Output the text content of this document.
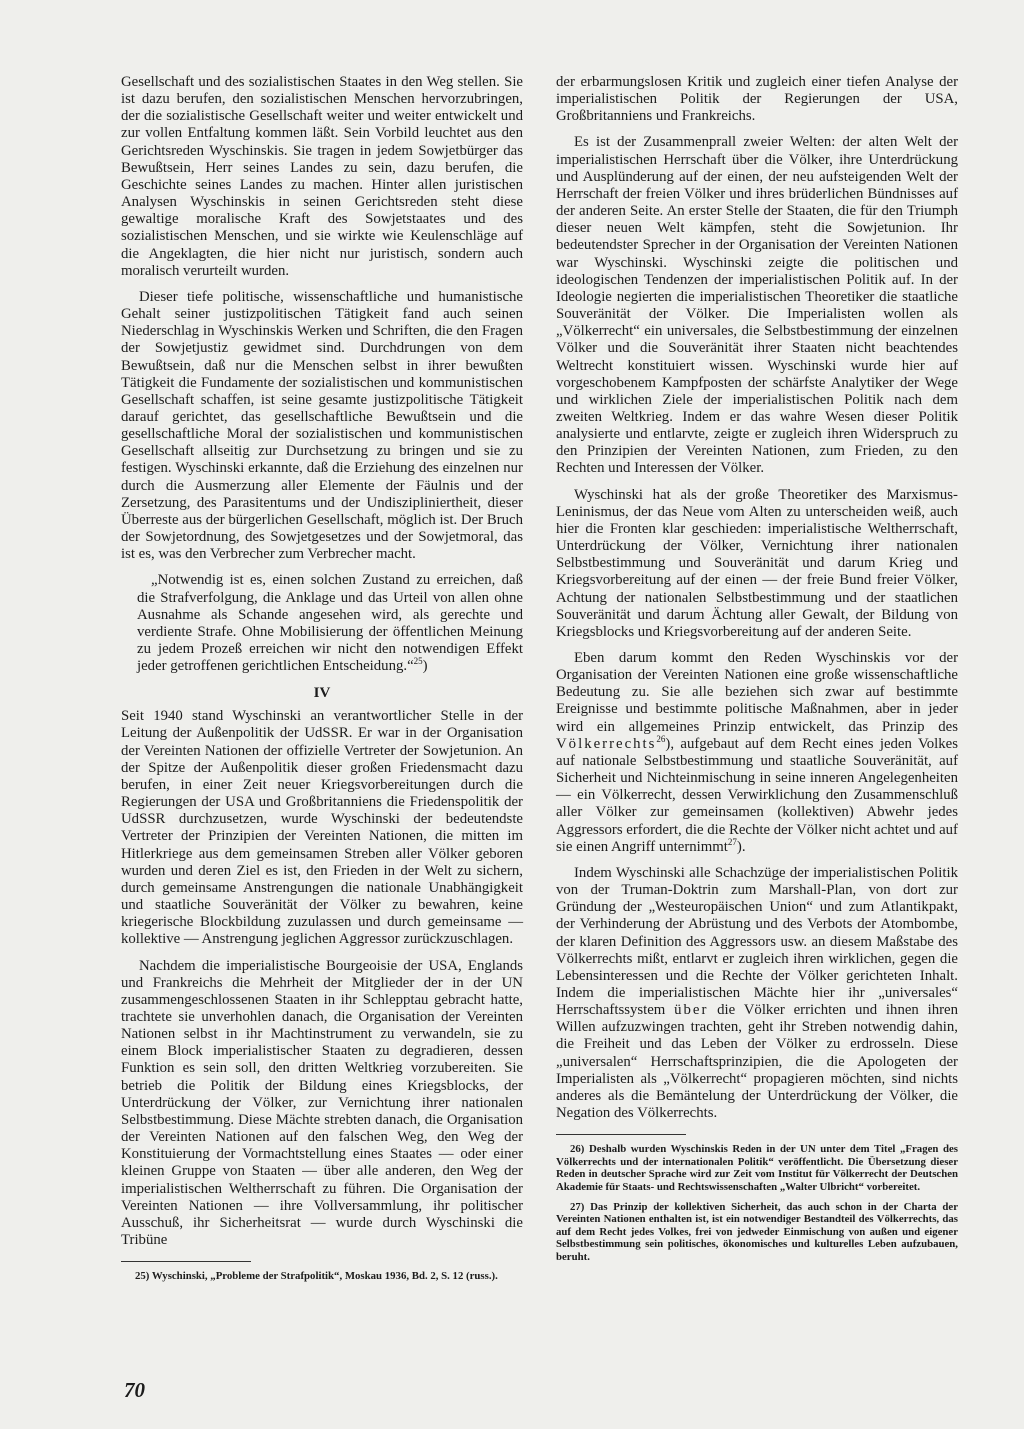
Gesellschaft und des sozialistischen Staates in den Weg stellen. Sie ist dazu berufen, den sozialistischen Menschen hervorzubringen, der die sozialistische Gesellschaft weiter und weiter entwickelt und zur vollen Entfaltung kommen läßt. Sein Vorbild leuchtet aus den Gerichtsreden Wyschinskis. Sie tragen in jedem Sowjetbürger das Bewußtsein, Herr seines Landes zu sein, dazu berufen, die Geschichte seines Landes zu machen. Hinter allen juristischen Analysen Wyschinskis in seinen Gerichtsreden steht diese gewaltige moralische Kraft des Sowjetstaates und des sozialistischen Menschen, und sie wirkte wie Keulenschläge auf die Angeklagten, die hier nicht nur juristisch, sondern auch moralisch verurteilt wurden.

Dieser tiefe politische, wissenschaftliche und humanistische Gehalt seiner justizpolitischen Tätigkeit fand auch seinen Niederschlag in Wyschinskis Werken und Schriften, die den Fragen der Sowjetjustiz gewidmet sind. Durchdrungen von dem Bewußtsein, daß nur die Menschen selbst in ihrer bewußten Tätigkeit die Fundamente der sozialistischen und kommunistischen Gesellschaft schaffen, ist seine gesamte justizpolitische Tätigkeit darauf gerichtet, das gesellschaftliche Bewußtsein und die gesellschaftliche Moral der sozialistischen und kommunistischen Gesellschaft allseitig zur Durchsetzung zu bringen und sie zu festigen. Wyschinski erkannte, daß die Erziehung des einzelnen nur durch die Ausmerzung aller Elemente der Fäulnis und der Zersetzung, des Parasitentums und der Undiszipliniertheit, dieser Überreste aus der bürgerlichen Gesellschaft, möglich ist. Der Bruch der Sowjetordnung, des Sowjetgesetzes und der Sowjetmoral, das ist es, was den Verbrecher zum Verbrecher macht.

„Notwendig ist es, einen solchen Zustand zu erreichen, daß die Strafverfolgung, die Anklage und das Urteil von allen ohne Ausnahme als Schande angesehen wird, als gerechte und verdiente Strafe. Ohne Mobilisierung der öffentlichen Meinung zu jedem Prozeß erreichen wir nicht den notwendigen Effekt jeder getroffenen gerichtlichen Entscheidung.“$^{25}$)

IV

Seit 1940 stand Wyschinski an verantwortlicher Stelle in der Leitung der Außenpolitik der UdSSR. Er war in der Organisation der Vereinten Nationen der offizielle Vertreter der Sowjetunion. An der Spitze der Außenpolitik dieser großen Friedensmacht dazu berufen, in einer Zeit neuer Kriegsvorbereitungen durch die Regierungen der USA und Großbritanniens die Friedenspolitik der UdSSR durchzusetzen, wurde Wyschinski der bedeutendste Vertreter der Prinzipien der Vereinten Nationen, die mitten im Hitlerkriege aus dem gemeinsamen Streben aller Völker geboren wurden und deren Ziel es ist, den Frieden in der Welt zu sichern, durch gemeinsame Anstrengungen die nationale Unabhängigkeit und staatliche Souveränität der Völker zu bewahren, keine kriegerische Blockbildung zuzulassen und durch gemeinsame — kollektive — Anstrengung jeglichen Aggressor zurückzuschlagen.

Nachdem die imperialistische Bourgeoisie der USA, Englands und Frankreichs die Mehrheit der Mitglieder der in der UN zusammengeschlossenen Staaten in ihr Schlepptau gebracht hatte, trachtete sie unverhohlen danach, die Organisation der Vereinten Nationen selbst in ihr Machtinstrument zu verwandeln, sie zu einem Block imperialistischer Staaten zu degradieren, dessen Funktion es sein soll, den dritten Weltkrieg vorzubereiten. Sie betrieb die Politik der Bildung eines Kriegsblocks, der Unterdrückung der Völker, zur Vernichtung ihrer nationalen Selbstbestimmung. Diese Mächte strebten danach, die Organisation der Vereinten Nationen auf den falschen Weg, den Weg der Konstituierung der Vormachtstellung eines Staates — oder einer kleinen Gruppe von Staaten — über alle anderen, den Weg der imperialistischen Weltherrschaft zu führen. Die Organisation der Vereinten Nationen — ihre Vollversammlung, ihr politischer Ausschuß, ihr Sicherheitsrat — wurde durch Wyschinski die Tribüne

25) Wyschinski, „Probleme der Strafpolitik“, Moskau 1936, Bd. 2, S. 12 (russ.).

der erbarmungslosen Kritik und zugleich einer tiefen Analyse der imperialistischen Politik der Regierungen der USA, Großbritanniens und Frankreichs.

Es ist der Zusammenprall zweier Welten: der alten Welt der imperialistischen Herrschaft über die Völker, ihre Unterdrückung und Ausplünderung auf der einen, der neu aufsteigenden Welt der Herrschaft der freien Völker und ihres brüderlichen Bündnisses auf der anderen Seite. An erster Stelle der Staaten, die für den Triumph dieser neuen Welt kämpfen, steht die Sowjetunion. Ihr bedeutendster Sprecher in der Organisation der Vereinten Nationen war Wyschinski. Wyschinski zeigte die politischen und ideologischen Tendenzen der imperialistischen Politik auf. In der Ideologie negierten die imperialistischen Theoretiker die staatliche Souveränität der Völker. Die Imperialisten wollen als „Völkerrecht“ ein universales, die Selbstbestimmung der einzelnen Völker und die Souveränität ihrer Staaten nicht beachtendes Weltrecht konstituiert wissen. Wyschinski wurde hier auf vorgeschobenem Kampfposten der schärfste Analytiker der Wege und wirklichen Ziele der imperialistischen Politik nach dem zweiten Weltkrieg. Indem er das wahre Wesen dieser Politik analysierte und entlarvte, zeigte er zugleich ihren Widerspruch zu den Prinzipien der Vereinten Nationen, zum Frieden, zu den Rechten und Interessen der Völker.

Wyschinski hat als der große Theoretiker des Marxismus-Leninismus, der das Neue vom Alten zu unterscheiden weiß, auch hier die Fronten klar geschieden: imperialistische Weltherrschaft, Unterdrückung der Völker, Vernichtung ihrer nationalen Selbstbestimmung und Souveränität und darum Krieg und Kriegsvorbereitung auf der einen — der freie Bund freier Völker, Achtung der nationalen Selbstbestimmung und der staatlichen Souveränität und darum Ächtung aller Gewalt, der Bildung von Kriegsblocks und Kriegsvorbereitung auf der anderen Seite.

Eben darum kommt den Reden Wyschinskis vor der Organisation der Vereinten Nationen eine große wissenschaftliche Bedeutung zu. Sie alle beziehen sich zwar auf bestimmte Ereignisse und bestimmte politische Maßnahmen, aber in jeder wird ein allgemeines Prinzip entwickelt, das Prinzip des Völkerrechts$^{26}$), aufgebaut auf dem Recht eines jeden Volkes auf nationale Selbstbestimmung und staatliche Souveränität, auf Sicherheit und Nichteinmischung in seine inneren Angelegenheiten — ein Völkerrecht, dessen Verwirklichung den Zusammenschluß aller Völker zur gemeinsamen (kollektiven) Abwehr jedes Aggressors erfordert, die die Rechte der Völker nicht achtet und auf sie einen Angriff unternimmt$^{27}$).

Indem Wyschinski alle Schachzüge der imperialistischen Politik von der Truman-Doktrin zum Marshall-Plan, von dort zur Gründung der „Westeuropäischen Union“ und zum Atlantikpakt, der Verhinderung der Abrüstung und des Verbots der Atombombe, der klaren Definition des Aggressors usw. an diesem Maßstabe des Völkerrechts mißt, entlarvt er zugleich ihren wirklichen, gegen die Lebensinteressen und die Rechte der Völker gerichteten Inhalt. Indem die imperialistischen Mächte hier ihr „universales“ Herrschaftssystem über die Völker errichten und ihnen ihren Willen aufzuzwingen trachten, geht ihr Streben notwendig dahin, die Freiheit und das Leben der Völker zu erdrosseln. Diese „universalen“ Herrschaftsprinzipien, die die Apologeten der Imperialisten als „Völkerrecht“ propagieren möchten, sind nichts anderes als die Bemäntelung der Unterdrückung der Völker, die Negation des Völkerrechts.

26) Deshalb wurden Wyschinskis Reden in der UN unter dem Titel „Fragen des Völkerrechts und der internationalen Politik“ veröffentlicht. Die Übersetzung dieser Reden in deutscher Sprache wird zur Zeit vom Institut für Völkerrecht der Deutschen Akademie für Staats- und Rechtswissenschaften „Walter Ulbricht“ vorbereitet.

27) Das Prinzip der kollektiven Sicherheit, das auch schon in der Charta der Vereinten Nationen enthalten ist, ist ein notwendiger Bestandteil des Völkerrechts, das auf dem Recht jedes Volkes, frei von jedweder Einmischung von außen und eigener Selbstbestimmung sein politisches, ökonomisches und kulturelles Leben aufzubauen, beruht.

70
